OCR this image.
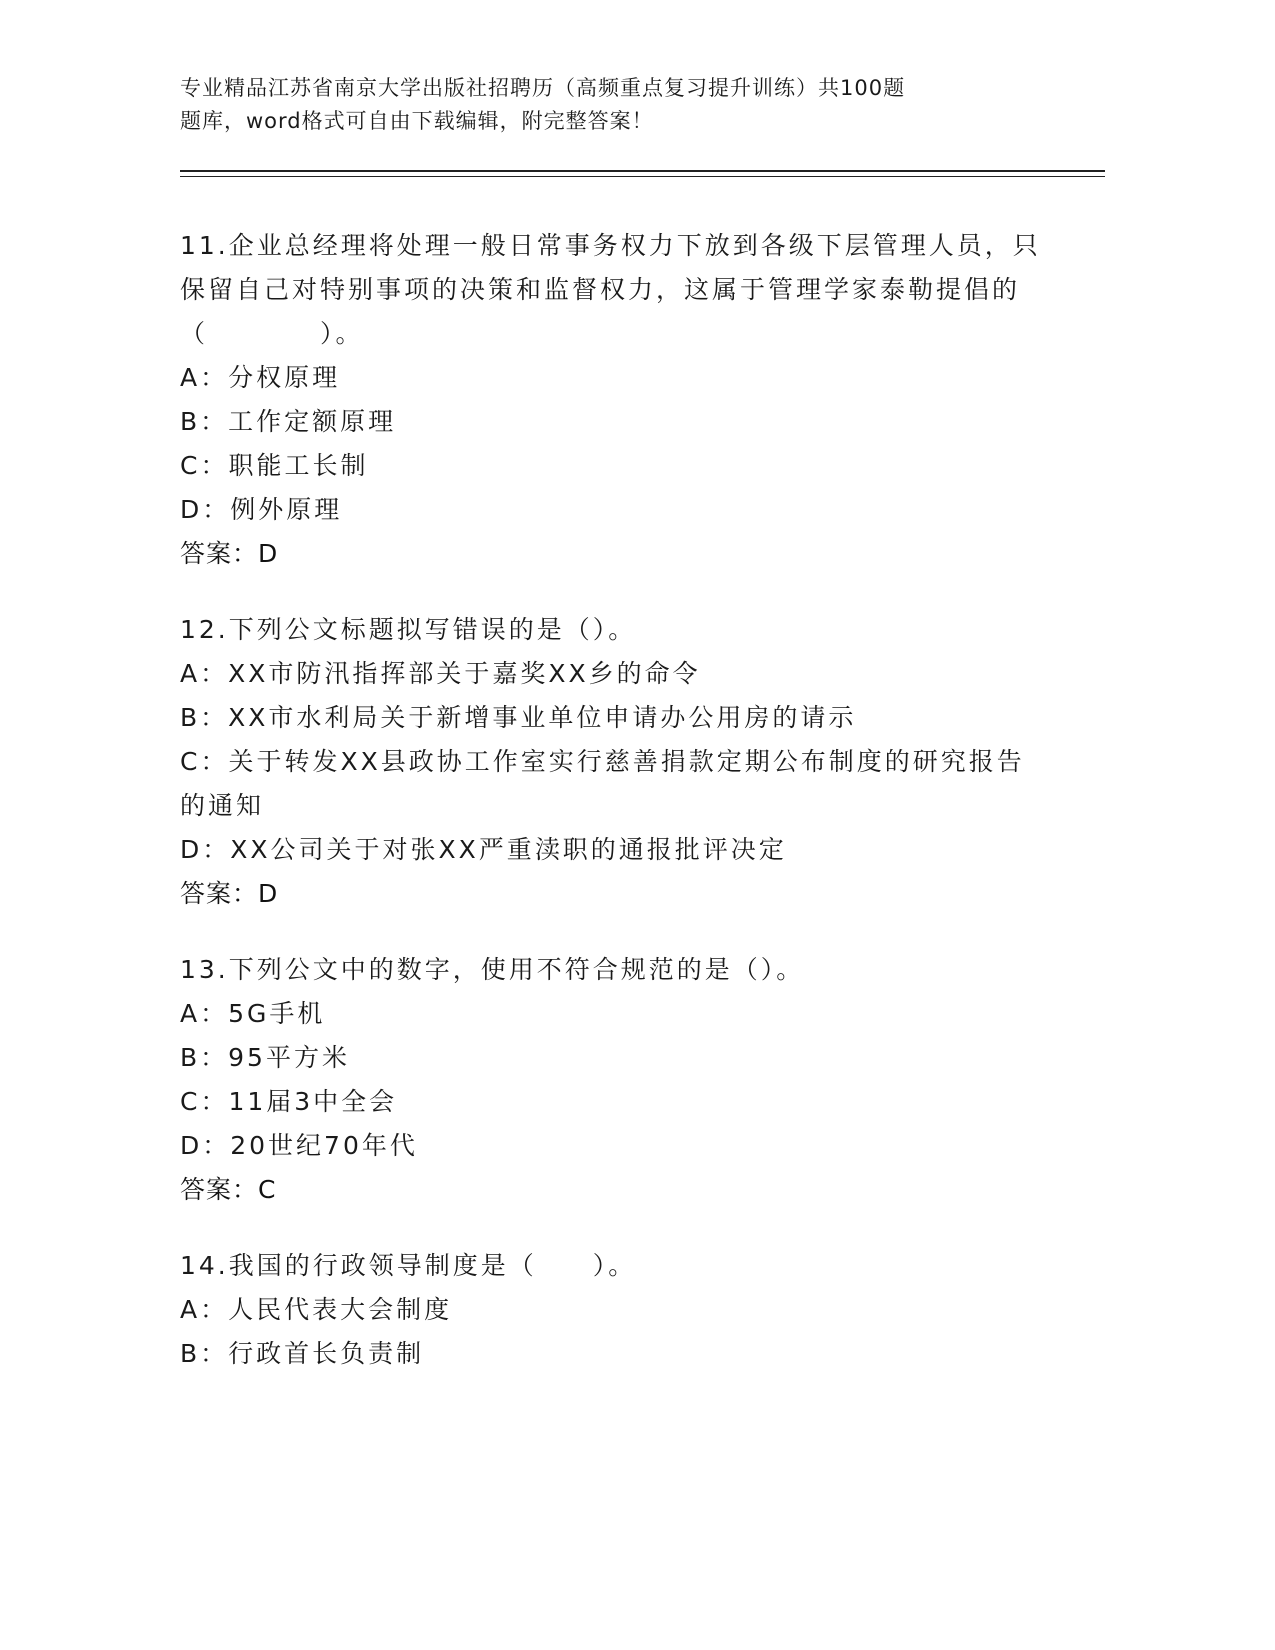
专业精品江苏省南京大学出版社招聘历（高频重点复习提升训练）共100题
题库，word格式可自由下载编辑，附完整答案！
11.企业总经理将处理一般日常事务权力下放到各级下层管理人员，只
保留自己对特别事项的决策和监督权力，这属于管理学家泰勒提倡的
（　　　　）。
A：分权原理
B：工作定额原理
C：职能工长制
D：例外原理
答案：D
12.下列公文标题拟写错误的是（）。
A：XX市防汛指挥部关于嘉奖XX乡的命令
B：XX市水利局关于新增事业单位申请办公用房的请示
C：关于转发XX县政协工作室实行慈善捐款定期公布制度的研究报告
的通知
D：XX公司关于对张XX严重渎职的通报批评决定
答案：D
13.下列公文中的数字，使用不符合规范的是（）。
A：5G手机
B：95平方米
C：11届3中全会
D：20世纪70年代
答案：C
14.我国的行政领导制度是（　　）。
A：人民代表大会制度
B：行政首长负责制
